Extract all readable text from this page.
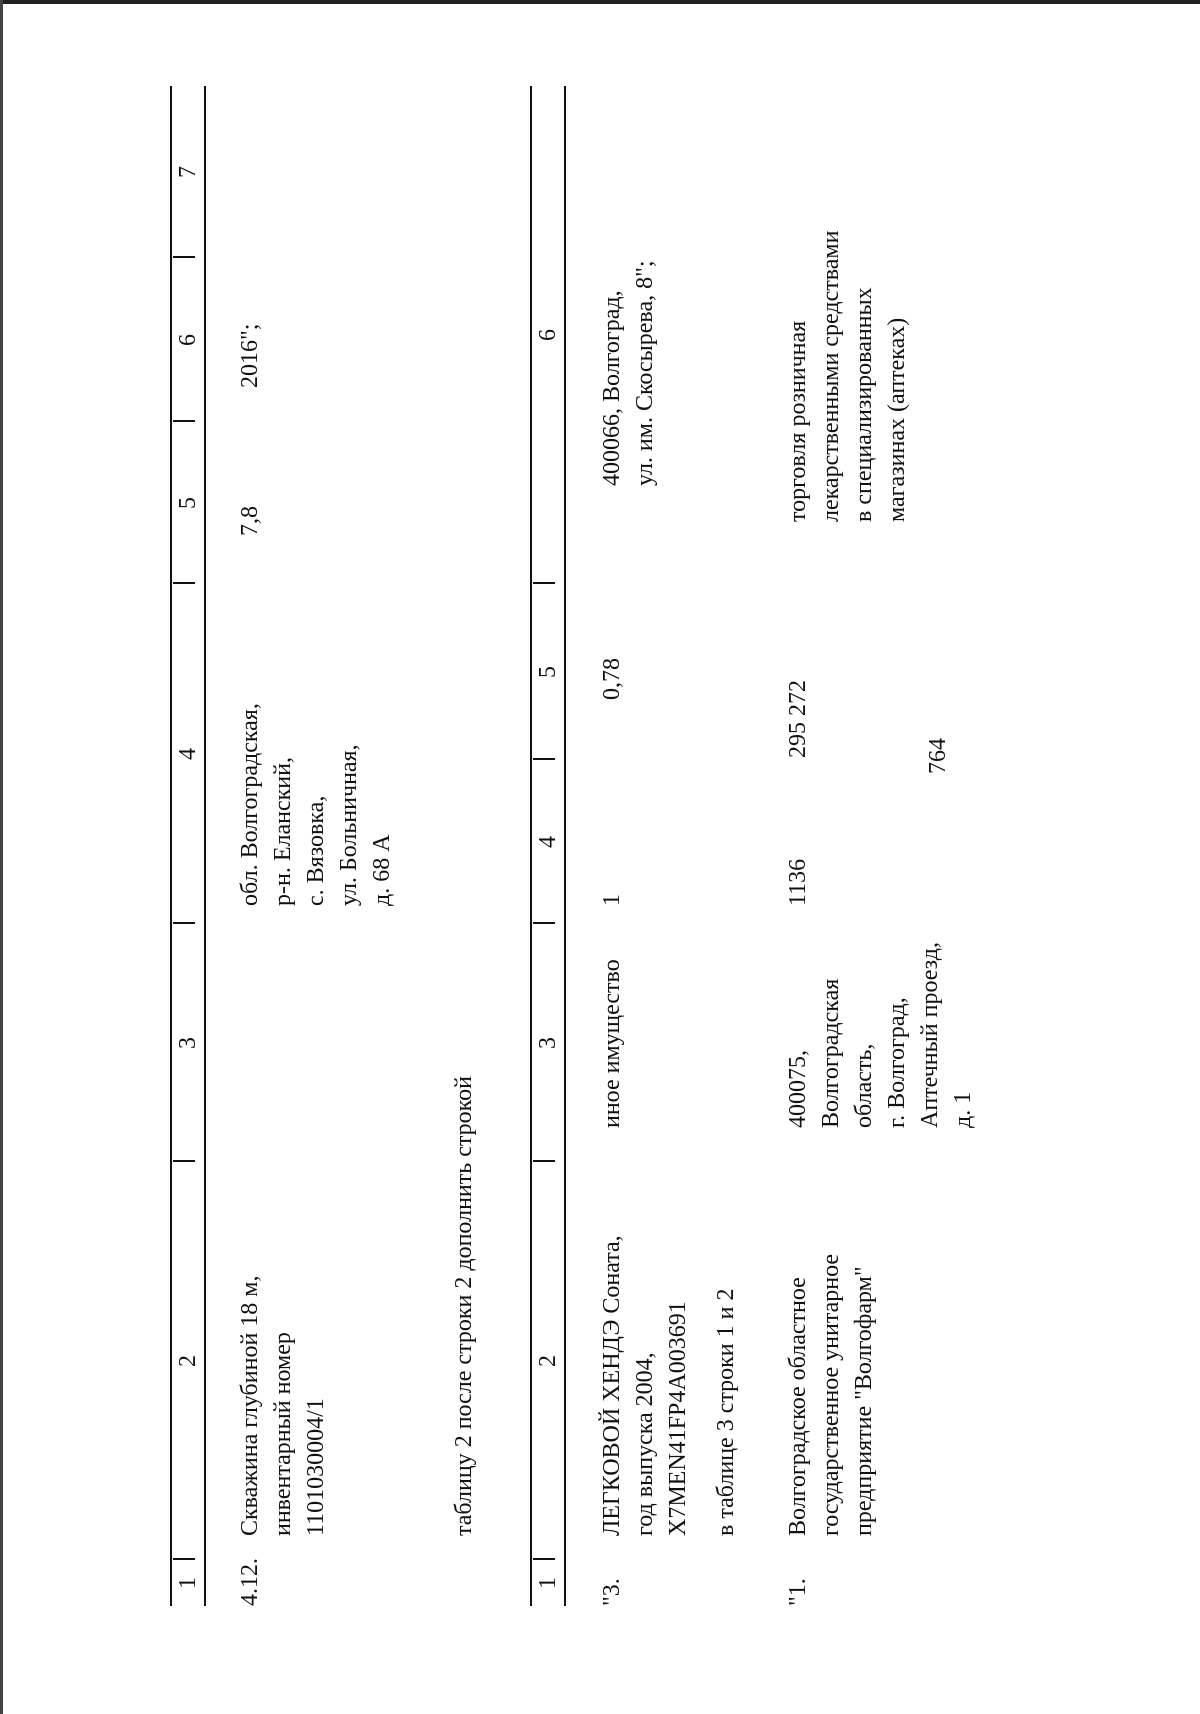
764
1
2
3
4
5
6
7
4.12.
Скважина глубиной 18 м, инвентарный номер 1101030004/1
обл. Волгоградская, р-н. Еланский, с. Вязовка, ул. Больничная, д. 68 А
7,8
2016";
таблицу 2 после строки 2 дополнить строкой
1
2
3
4
5
6
"3.
ЛЕГКОВОЙ ХЕНДЭ Соната, год выпуска 2004, X7MEN41FP4A003691
иное имущество
1
0,78
400066, Волгоград, ул. им. Скосырева, 8";
в таблице 3 строки 1 и 2
"1.
Волгоградское областное государственное унитарное предприятие "Волгофарм"
400075, Волгоградская область, г. Волгоград, Аптечный проезд, д. 1
1136
295 272
торговля розничная лекарственными средствами в специализированных магазинах (аптеках)
